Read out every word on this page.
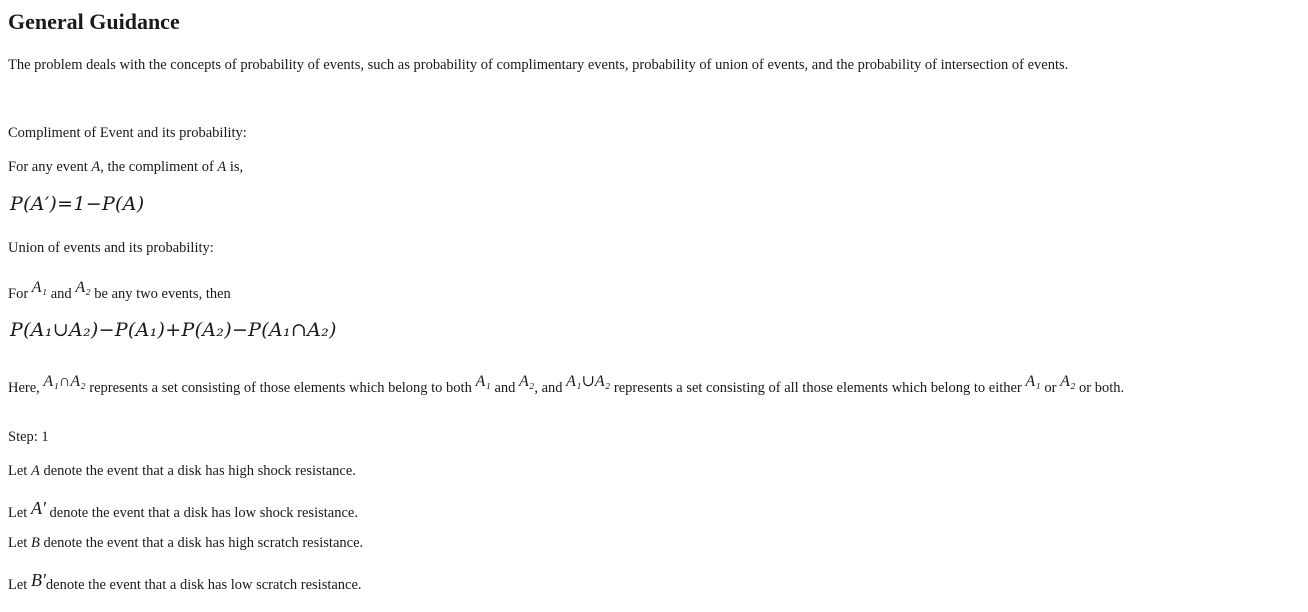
General Guidance

The problem deals with the concepts of probability of events, such as probability of complimentary events, probability of union of events, and the probability of intersection of events.

Compliment of Event and its probability:

For any event A, the compliment of A is,

P(A′)=1−P(A)

Union of events and its probability:

For A₁ and A₂ be any two events, then

P(A₁∪A₂)−P(A₁)+P(A₂)−P(A₁∩A₂)

Here, A₁∩A₂ represents a set consisting of those elements which belong to both A₁ and A₂, and A₁∪A₂ represents a set consisting of all those elements which belong to either A₁ or A₂ or both.

Step: 1

Let A denote the event that a disk has high shock resistance.

Let A′ denote the event that a disk has low shock resistance.

Let B denote the event that a disk has high scratch resistance.

Let B′denote the event that a disk has low scratch resistance.
